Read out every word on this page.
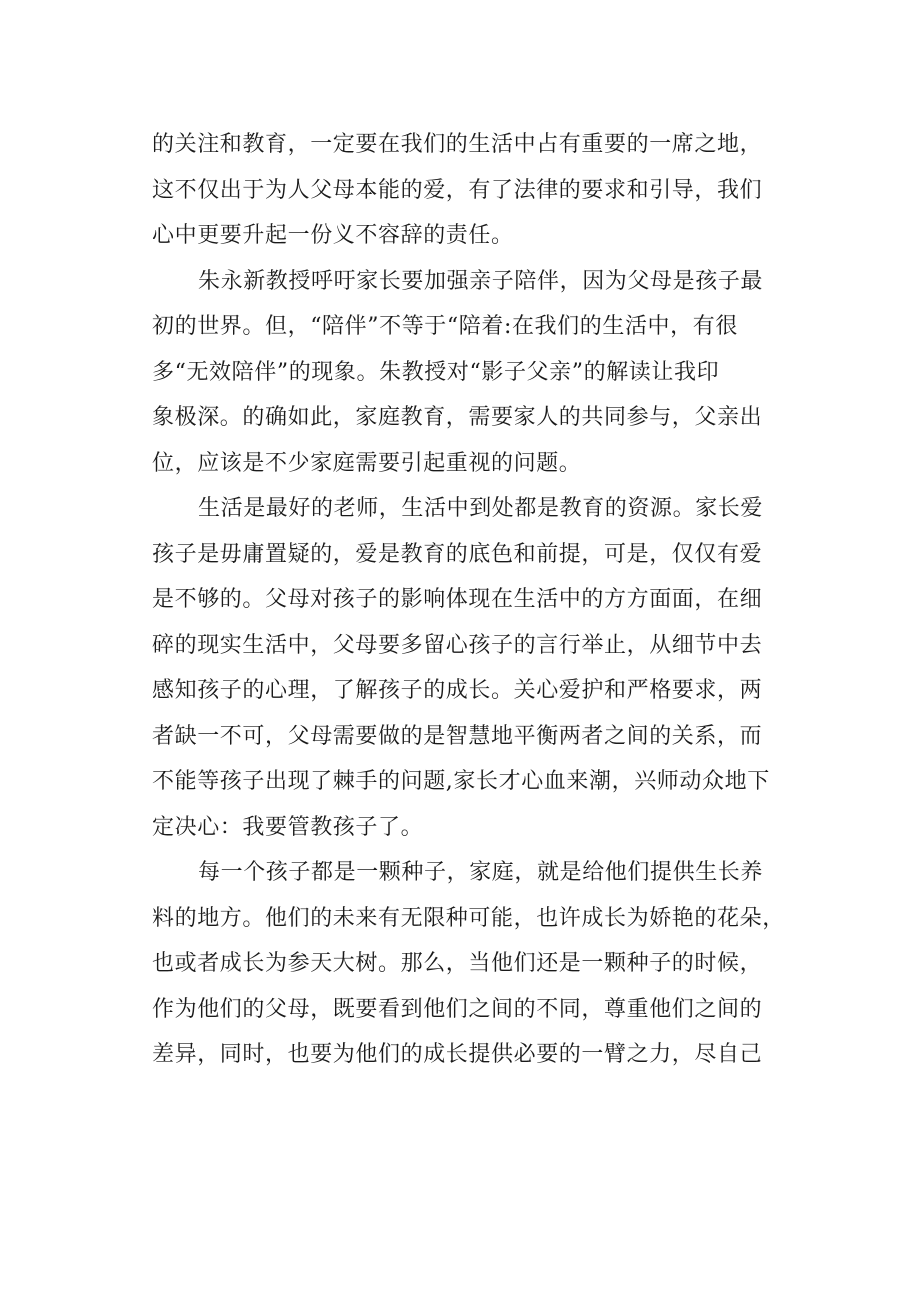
的关注和教育，一定要在我们的生活中占有重要的一席之地，
这不仅出于为人父母本能的爱，有了法律的要求和引导，我们
心中更要升起一份义不容辞的责任。
朱永新教授呼吁家长要加强亲子陪伴，因为父母是孩子最
初的世界。但，“陪伴”不等于“陪着:在我们的生活中，有很
多“无效陪伴”的现象。朱教授对“影子父亲”的解读让我印
象极深。的确如此，家庭教育，需要家人的共同参与，父亲出
位，应该是不少家庭需要引起重视的问题。
生活是最好的老师，生活中到处都是教育的资源。家长爱
孩子是毋庸置疑的，爱是教育的底色和前提，可是，仅仅有爱
是不够的。父母对孩子的影响体现在生活中的方方面面，在细
碎的现实生活中，父母要多留心孩子的言行举止，从细节中去
感知孩子的心理，了解孩子的成长。关心爱护和严格要求，两
者缺一不可，父母需要做的是智慧地平衡两者之间的关系，而
不能等孩子出现了棘手的问题,家长才心血来潮，兴师动众地下
定决心：我要管教孩子了。
每一个孩子都是一颗种子，家庭，就是给他们提供生长养
料的地方。他们的未来有无限种可能，也许成长为娇艳的花朵，
也或者成长为参天大树。那么，当他们还是一颗种子的时候，
作为他们的父母，既要看到他们之间的不同，尊重他们之间的
差异，同时，也要为他们的成长提供必要的一臂之力，尽自己
